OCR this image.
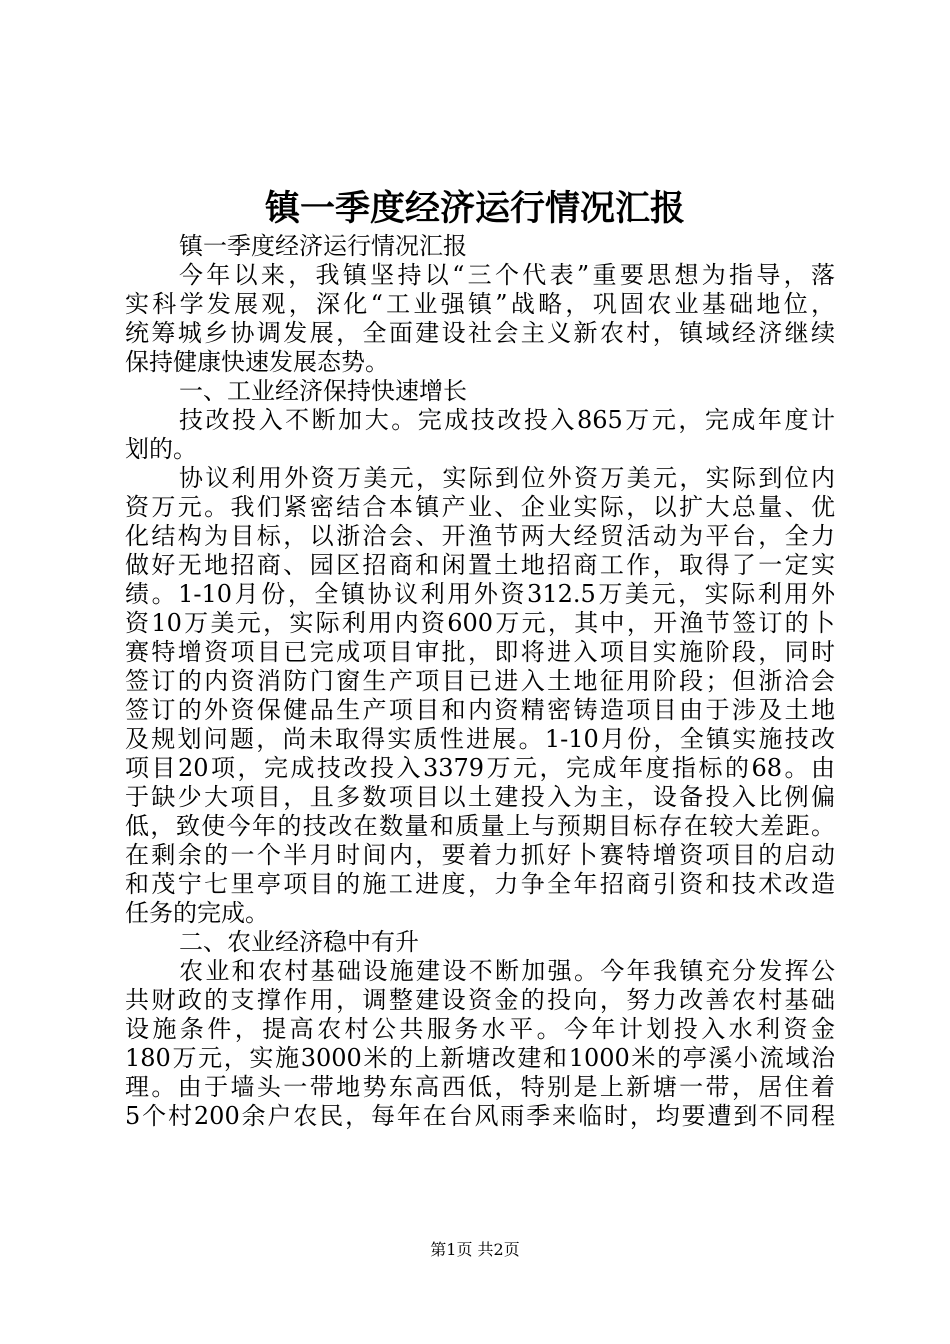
镇一季度经济运行情况汇报
镇一季度经济运行情况汇报
今年以来，我镇坚持以“三个代表”重要思想为指导，落
实科学发展观，深化“工业强镇”战略，巩固农业基础地位，
统筹城乡协调发展，全面建设社会主义新农村，镇域经济继续
保持健康快速发展态势。
一、工业经济保持快速增长
技改投入不断加大。完成技改投入865万元，完成年度计
划的。
协议利用外资万美元，实际到位外资万美元，实际到位内
资万元。我们紧密结合本镇产业、企业实际，以扩大总量、优
化结构为目标，以浙洽会、开渔节两大经贸活动为平台，全力
做好无地招商、园区招商和闲置土地招商工作，取得了一定实
绩。1-10月份，全镇协议利用外资312.5万美元，实际利用外
资10万美元，实际利用内资600万元，其中，开渔节签订的卜
赛特增资项目已完成项目审批，即将进入项目实施阶段，同时
签订的内资消防门窗生产项目已进入土地征用阶段；但浙洽会
签订的外资保健品生产项目和内资精密铸造项目由于涉及土地
及规划问题，尚未取得实质性进展。1-10月份，全镇实施技改
项目20项，完成技改投入3379万元，完成年度指标的68。由
于缺少大项目，且多数项目以土建投入为主，设备投入比例偏
低，致使今年的技改在数量和质量上与预期目标存在较大差距。
在剩余的一个半月时间内，要着力抓好卜赛特增资项目的启动
和茂宁七里亭项目的施工进度，力争全年招商引资和技术改造
任务的完成。
二、农业经济稳中有升
农业和农村基础设施建设不断加强。今年我镇充分发挥公
共财政的支撑作用，调整建设资金的投向，努力改善农村基础
设施条件，提高农村公共服务水平。今年计划投入水利资金
180万元，实施3000米的上新塘改建和1000米的亭溪小流域治
理。由于墙头一带地势东高西低，特别是上新塘一带，居住着
5个村200余户农民，每年在台风雨季来临时，均要遭到不同程
第1页 共2页
